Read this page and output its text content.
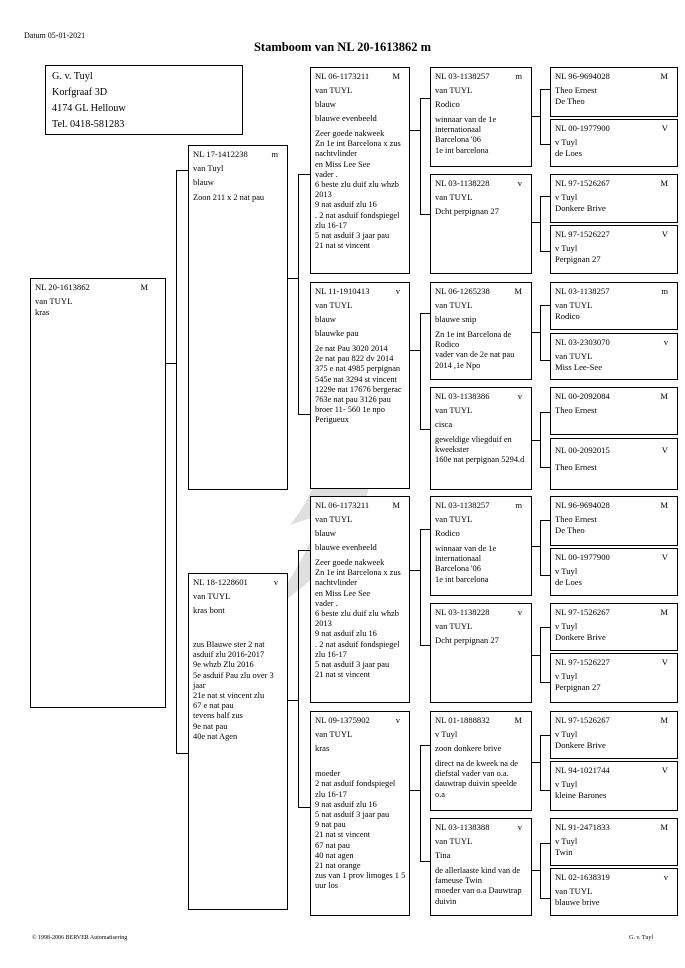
Datum 05-01-2021
Stamboom van NL 20-1613862 m
G. v. Tuyl
Korfgraaf 3D
4174 GL Hellouw
Tel. 0418-581283
NL 20-1613862	M
van TUYL
kras
NL 17-1412238	m
van Tuyl
blauw
Zoon 211 x 2 nat pau
NL 18-1228601	v
van TUYL
kras bont
zus Blauwe ster 2 nat asduif zlu 2016-2017
9e whzb Zlu 2016
5e asduif Pau zlu over 3 jaar
21e nat st vincent zlu
67 e nat pau
tevens half zus
9e nat pau
40e nat Agen
NL 06-1173211	M
van TUYL
blauw
blauwe evenbeeld
Zeer goede nakweek
Zn 1e int Barcelona x zus nachtvlinder
en Miss Lee See
vader .
6 beste zlu duif zlu whzb 2013
9 nat asduif zlu 16
. 2 nat asduif fondspiegel zlu 16-17
5 nat asduif 3 jaar pau
21 nat st vincent
NL 11-1910413	v
van TUYL
blauw
blauwke pau
2e nat Pau 3020 2014
2e nat pau 822 dv 2014
375 e nat 4985 perpignan
545e nat 3294 st vincent
1229e nat 17676 bergerac
763e nat pau 3126 pau
broer 11- 560 1e npo Perigueux
NL 06-1173211	M
van TUYL
blauw
blauwe evenbeeld
Zeer goede nakweek
Zn 1e int Barcelona x zus nachtvlinder
en Miss Lee See
vader .
6 beste zlu duif zlu whzb 2013
9 nat asduif zlu 16
. 2 nat asduif fondspiegel zlu 16-17
5 nat asduif 3 jaar pau
21 nat st vincent
NL 09-1375902	v
van TUYL
kras

moeder
2 nat asduif fondspiegel zlu 16-17
9 nat asduif zlu 16
5 nat asduif 3 jaar pau
9 nat pau
21 nat st vincent
67 nat pau
40 nat agen
21 nat orange
zus van 1 prov limoges 1 5 uur los
NL 03-1138257	m
van TUYL
Rodico
winnaar van de 1e internationaal
Barcelona '06
1e int barcelona
NL 03-1138228	v
van TUYL
Dcht perpignan 27
NL 06-1265238	M
van TUYL
blauwe snip
Zn 1e int Barcelona de Rodico
vader van de 2e nat pau 2014 ,1e Npo
NL 03-1138386	v
van TUYL
cisca
geweldige vliegduif en kweekster
160e nat perpignan 5294.d
NL 03-1138257	m
van TUYL
Rodico
winnaar van de 1e internationaal
Barcelona '06
1e int barcelona
NL 03-1138228	v
van TUYL
Dcht perpignan 27
NL 01-1888832	M
v Tuyl
zoon donkere brive
direct na de kweek na de diefstal vader van o.a. dauwtrap duivin speelde o.a
NL 03-1138388	v
van TUYL
Tina
de allerlaaste kind van de fameuse Twin
moeder van o.a Dauwtrap duivin
NL 96-9694028	M
Theo Ernest
De Theo
NL 00-1977900	V
v Tuyl
de Loes
NL 97-1526267	M
v Tuyl
Donkere Brive
NL 97-1526227	V
v Tuyl
Perpignan 27
NL 03-1138257	m
van TUYL
Rodico
NL 03-2303070	v
van TUYL
Miss Lee-See
NL 00-2092084	M
Theo Ernest
NL 00-2092015	V
Theo Ernest
NL 96-9694028	M
Theo Ernest
De Theo
NL 00-1977900	V
v Tuyl
de Loes
NL 97-1526267	M
v Tuyl
Donkere Brive
NL 97-1526227	V
v Tuyl
Perpignan 27
NL 97-1526267	M
v Tuyl
Donkere Brive
NL 94-1021744	V
v Tuyl
kleine Barones
NL 91-2471833	M
v Tuyl
Twin
NL 02-1638319	v
van TUYL
blauwe brive
© 1998-2006 BERVER Automatisering	G. v. Tuyl
